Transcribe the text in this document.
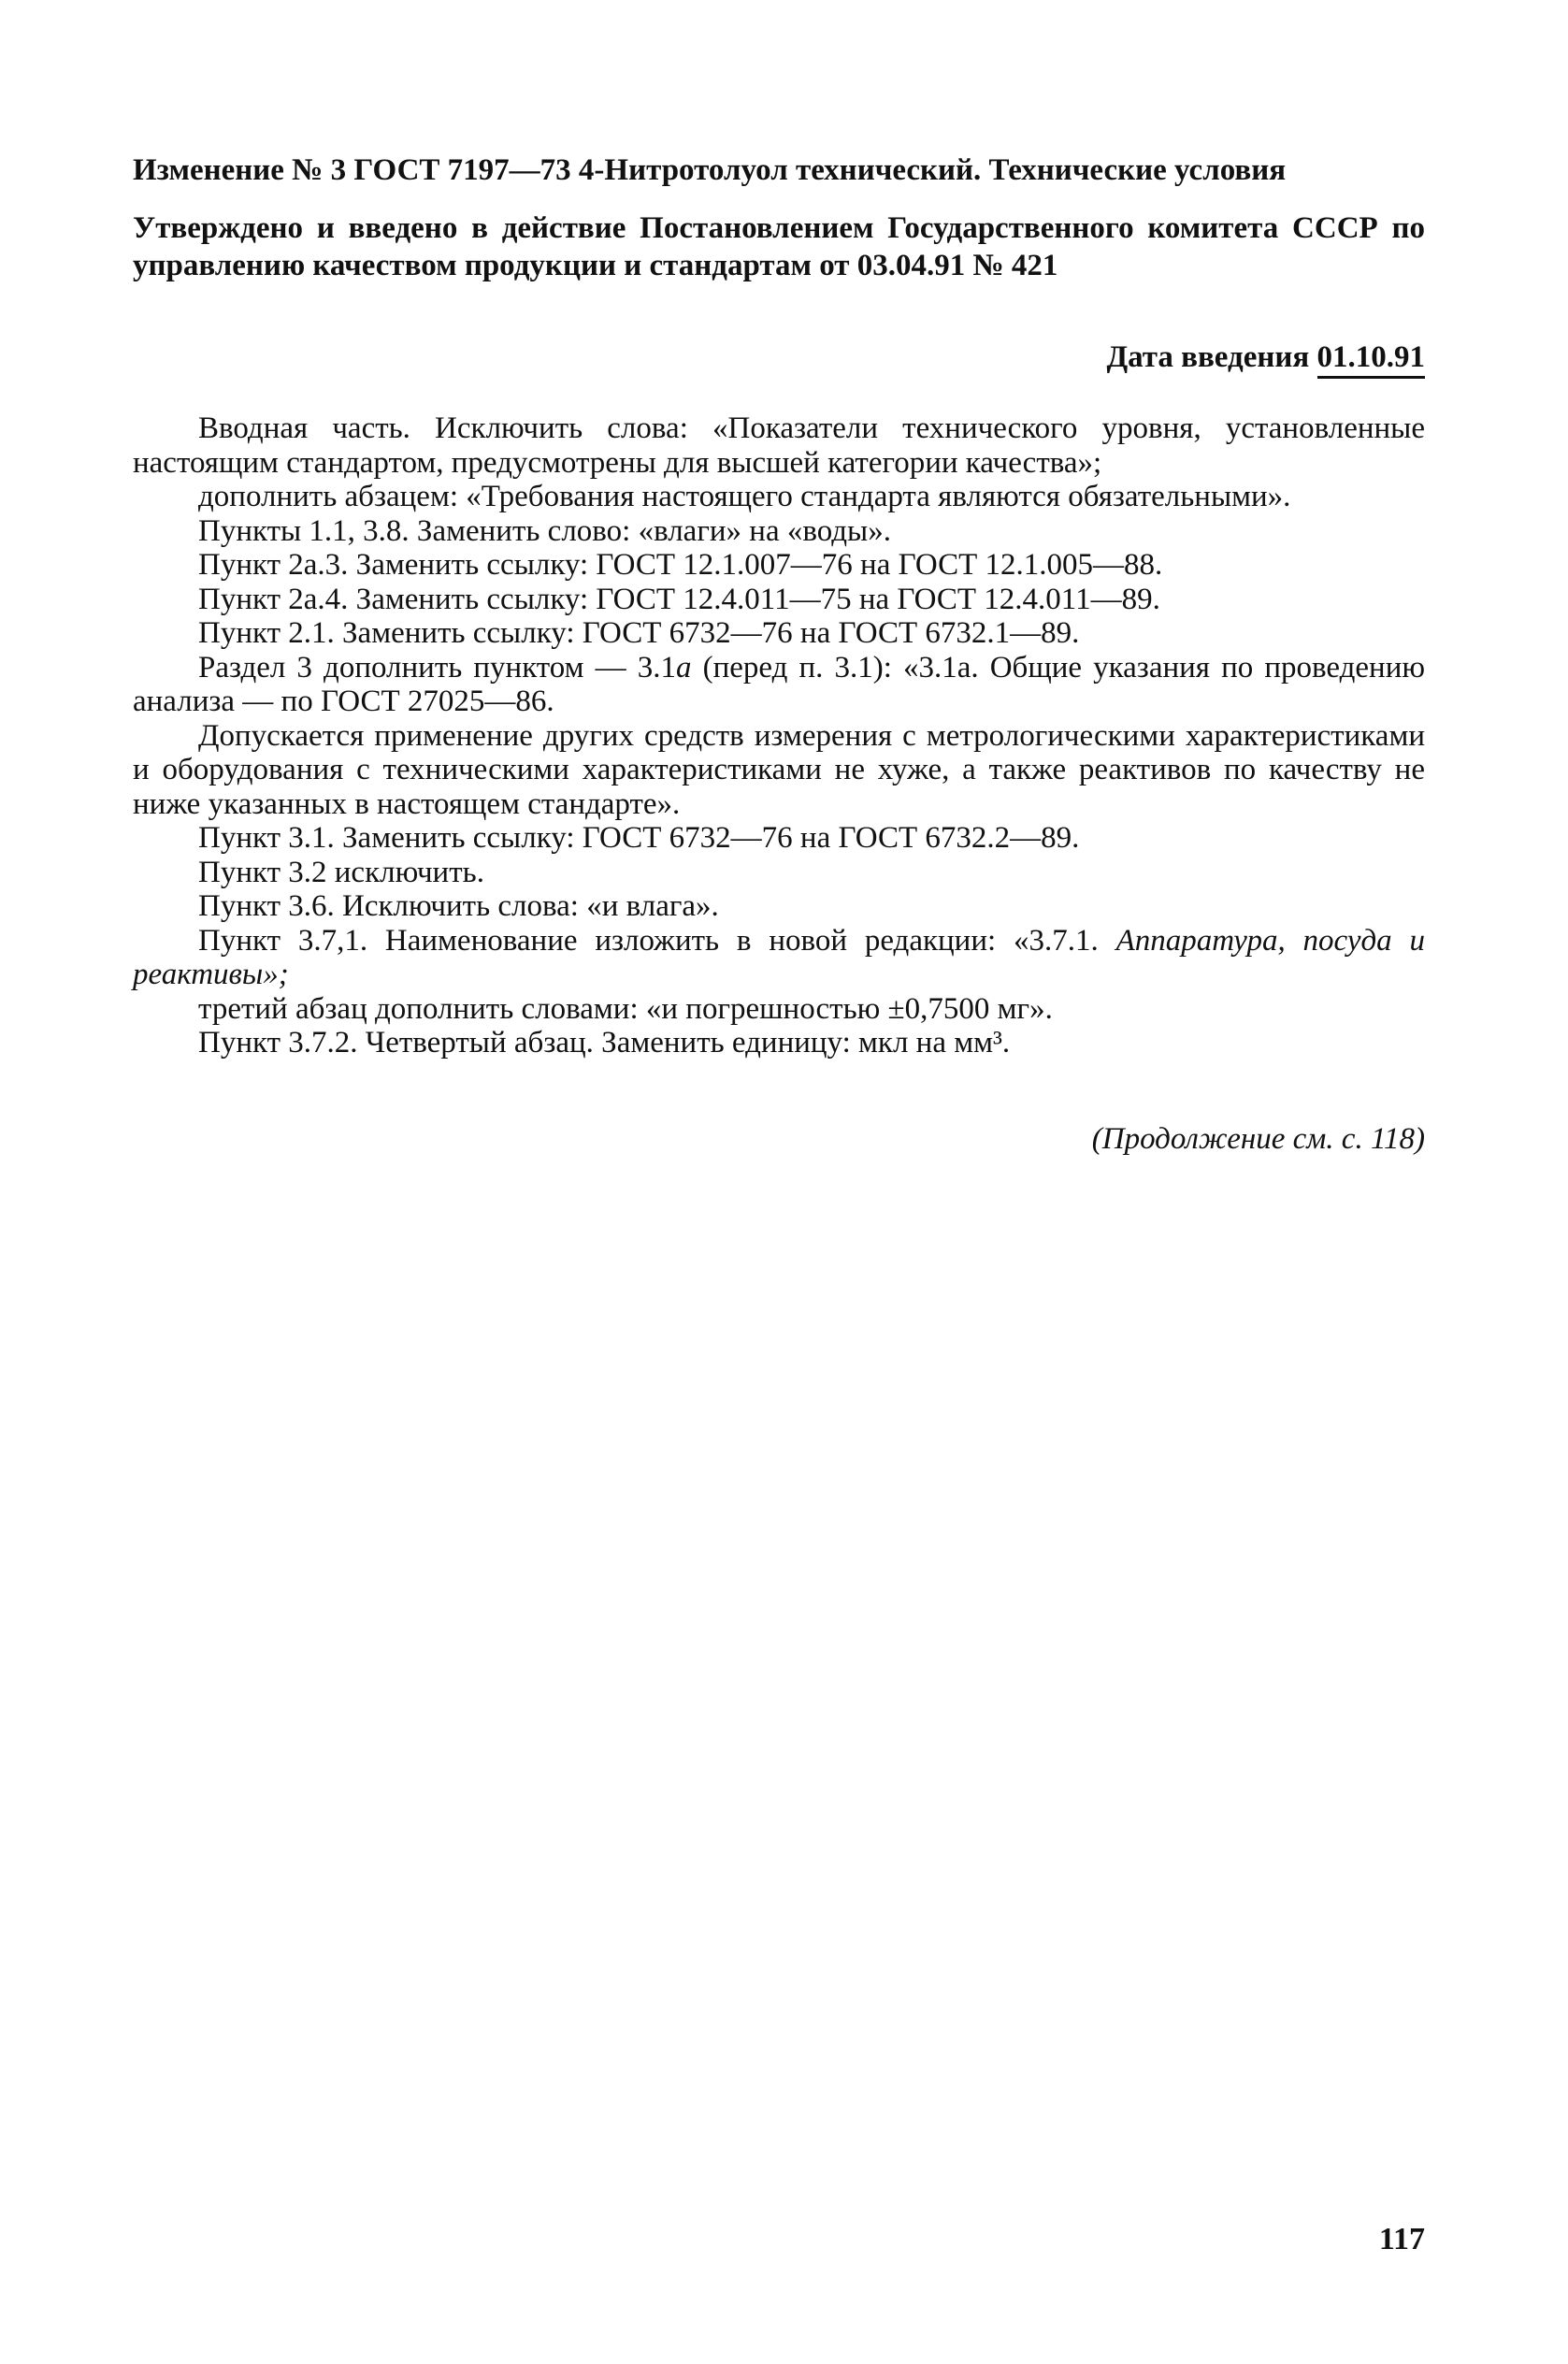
Изменение № 3 ГОСТ 7197—73 4-Нитротолуол технический. Технические условия

Утверждено и введено в действие Постановлением Государственного комитета СССР по управлению качеством продукции и стандартам от 03.04.91 № 421

Дата введения 01.10.91

Вводная часть. Исключить слова: «Показатели технического уровня, установленные настоящим стандартом, предусмотрены для высшей категории качества»;

дополнить абзацем: «Требования настоящего стандарта являются обязательными».

Пункты 1.1, 3.8. Заменить слово: «влаги» на «воды».

Пункт 2а.3. Заменить ссылку: ГОСТ 12.1.007—76 на ГОСТ 12.1.005—88.

Пункт 2а.4. Заменить ссылку: ГОСТ 12.4.011—75 на ГОСТ 12.4.011—89.

Пункт 2.1. Заменить ссылку: ГОСТ 6732—76 на ГОСТ 6732.1—89.

Раздел 3 дополнить пунктом — 3.1а (перед п. 3.1): «3.1а. Общие указания по проведению анализа — по ГОСТ 27025—86.

Допускается применение других средств измерения с метрологическими характеристиками и оборудования с техническими характеристиками не хуже, а также реактивов по качеству не ниже указанных в настоящем стандарте».

Пункт 3.1. Заменить ссылку: ГОСТ 6732—76 на ГОСТ 6732.2—89.

Пункт 3.2 исключить.

Пункт 3.6. Исключить слова: «и влага».

Пункт 3.7,1. Наименование изложить в новой редакции: «3.7.1. Аппаратура, посуда и реактивы»;

третий абзац дополнить словами: «и погрешностью ±0,7500 мг».

Пункт 3.7.2. Четвертый абзац. Заменить единицу: мкл на мм³.

(Продолжение см. с. 118)
117
